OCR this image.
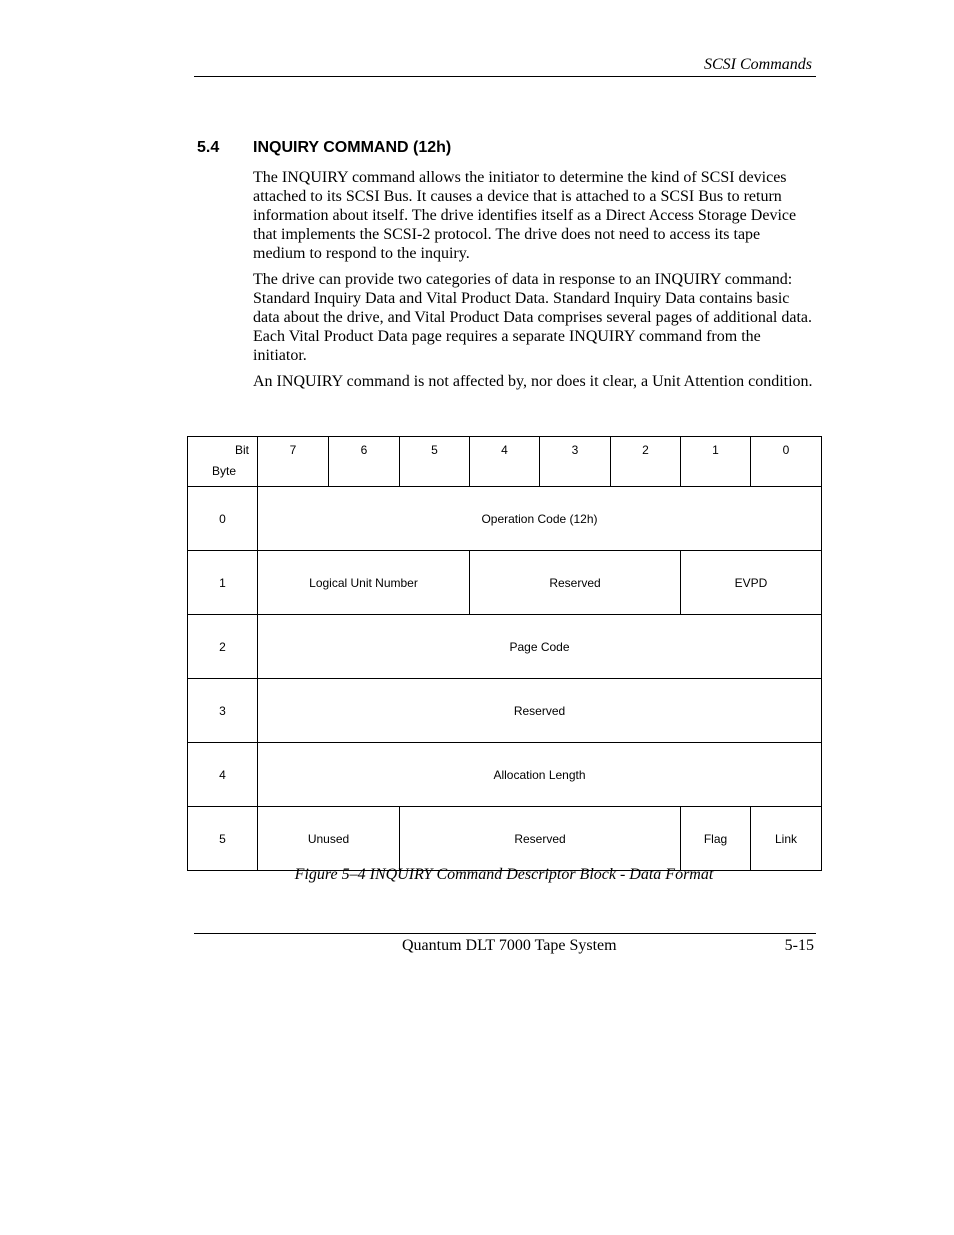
SCSI Commands
5.4 INQUIRY COMMAND (12h)

The INQUIRY command allows the initiator to determine the kind of SCSI devices attached to its SCSI Bus. It causes a device that is attached to a SCSI Bus to return information about itself. The drive identifies itself as a Direct Access Storage Device that implements the SCSI-2 protocol. The drive does not need to access its tape medium to respond to the inquiry.

The drive can provide two categories of data in response to an INQUIRY command: Standard Inquiry Data and Vital Product Data. Standard Inquiry Data contains basic data about the drive, and Vital Product Data comprises several pages of additional data. Each Vital Product Data page requires a separate INQUIRY command from the initiator.

An INQUIRY command is not affected by, nor does it clear, a Unit Attention condition.

Bit
Byte	7	6	5	4	3	2	1	0
0	Operation Code (12h)							
1	Logical Unit Number			Reserved			EVPD	
2	Page Code							
3	Reserved							
4	Allocation Length							
5	Unused		Reserved				Flag	Link
Figure 5–4 INQUIRY Command Descriptor Block - Data Format
Quantum DLT 7000 Tape System	5-15
